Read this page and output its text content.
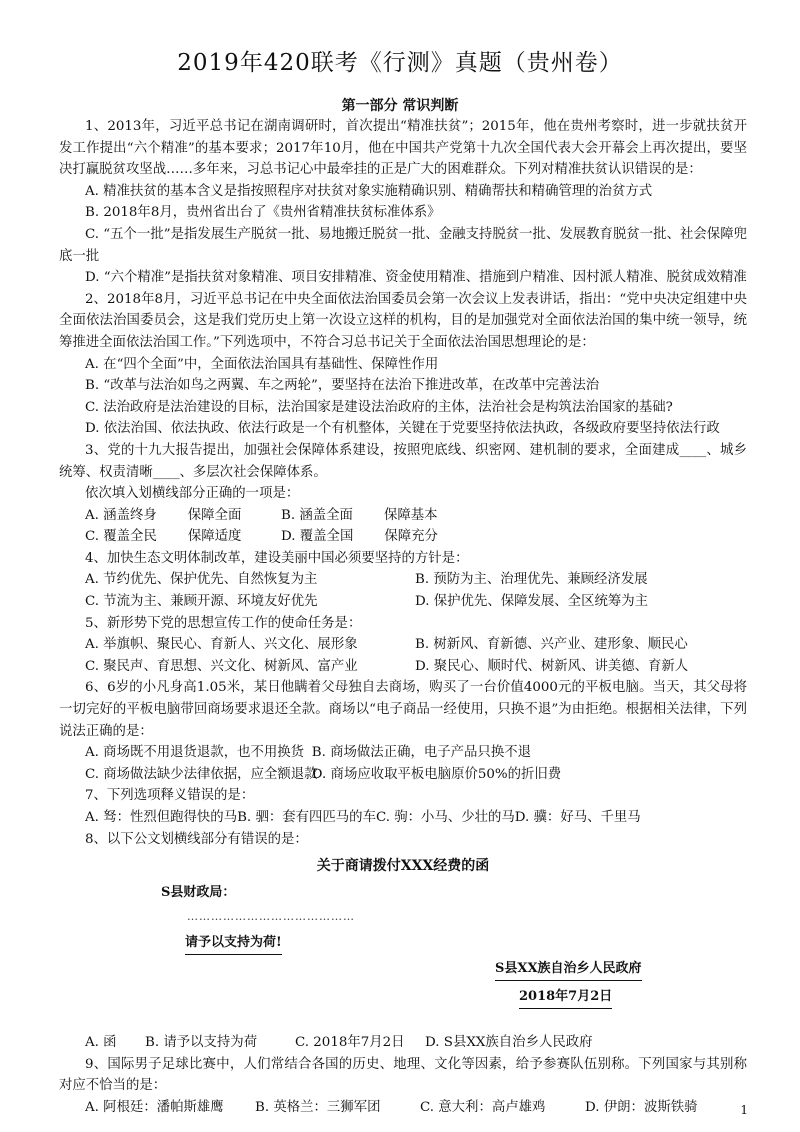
2019年420联考《行测》真题（贵州卷）
第一部分 常识判断

1、2013年，习近平总书记在湖南调研时，首次提出“精准扶贫”；2015年，他在贵州考察时，进一步就扶贫开发工作提出“六个精准”的基本要求；2017年10月，他在中国共产党第十九次全国代表大会开幕会上再次提出，要坚决打赢脱贫攻坚战……多年来，习总书记心中最牵挂的正是广大的困难群众。下列对精准扶贫认识错误的是：

A. 精准扶贫的基本含义是指按照程序对扶贫对象实施精确识别、精确帮扶和精确管理的治贫方式

B. 2018年8月，贵州省出台了《贵州省精准扶贫标准体系》

C. “五个一批”是指发展生产脱贫一批、易地搬迁脱贫一批、金融支持脱贫一批、发展教育脱贫一批、社会保障兜底一批

D. “六个精准”是指扶贫对象精准、项目安排精准、资金使用精准、措施到户精准、因村派人精准、脱贫成效精准

2、2018年8月，习近平总书记在中央全面依法治国委员会第一次会议上发表讲话，指出：“党中央决定组建中央全面依法治国委员会，这是我们党历史上第一次设立这样的机构，目的是加强党对全面依法治国的集中统一领导，统筹推进全面依法治国工作。”下列选项中，不符合习总书记关于全面依法治国思想理论的是：

A. 在“四个全面”中，全面依法治国具有基础性、保障性作用

B. “改革与法治如鸟之两翼、车之两轮”，要坚持在法治下推进改革，在改革中完善法治

C. 法治政府是法治建设的目标，法治国家是建设法治政府的主体，法治社会是构筑法治国家的基础?

D. 依法治国、依法执政、依法行政是一个有机整体，关键在于党要坚持依法执政，各级政府要坚持依法行政

3、党的十九大报告提出，加强社会保障体系建设，按照兜底线、织密网、建机制的要求，全面建成____、城乡统筹、权责清晰____、多层次社会保障体系。

依次填入划横线部分正确的一项是：

A. 涵盖终身　　 保障全面	B. 涵盖全面　　 保障基本

C. 覆盖全民　　 保障适度	D. 覆盖全国　　 保障充分

4、加快生态文明体制改革，建设美丽中国必须要坚持的方针是：

A. 节约优先、保护优先、自然恢复为主	B. 预防为主、治理优先、兼顾经济发展

C. 节流为主、兼顾开源、环境友好优先	D. 保护优先、保障发展、全区统筹为主

5、新形势下党的思想宣传工作的使命任务是：

A. 举旗帜、聚民心、育新人、兴文化、展形象	B. 树新风、育新德、兴产业、建形象、顺民心

C. 聚民声、育思想、兴文化、树新风、富产业	D. 聚民心、顺时代、树新风、讲美德、育新人

6、6岁的小凡身高1.05米，某日他瞒着父母独自去商场，购买了一台价值4000元的平板电脑。当天，其父母将一切完好的平板电脑带回商场要求退还全款。商场以“电子商品一经使用，只换不退”为由拒绝。根据相关法律，下列说法正确的是：

A. 商场既不用退货退款，也不用换货　　 B. 商场做法正确，电子产品只换不退

C. 商场做法缺少法律依据，应全额退款　　D. 商场应收取平板电脑原价50%的折旧费

7、下列选项释义错误的是：

A. 驽：性烈但跑得快的马B. 驷：套有四匹马的车C. 驹：小马、少壮的马D. 骥：好马、千里马

8、以下公文划横线部分有错误的是：

关于商请拨付XXX经费的函
S县财政局：
……………………………………
请予以支持为荷!
S县XX族自治乡人民政府
2018年7月2日

A. 函 B. 请予以支持为荷	C. 2018年7月2日 D. S县XX族自治乡人民政府

9、国际男子足球比赛中，人们常结合各国的历史、地理、文化等因素，给予参赛队伍别称。下列国家与其别称对应不恰当的是：

A. 阿根廷：潘帕斯雄鹰 B. 英格兰：三狮军团	C. 意大利：高卢雄鸡	D. 伊朗：波斯铁骑	1
